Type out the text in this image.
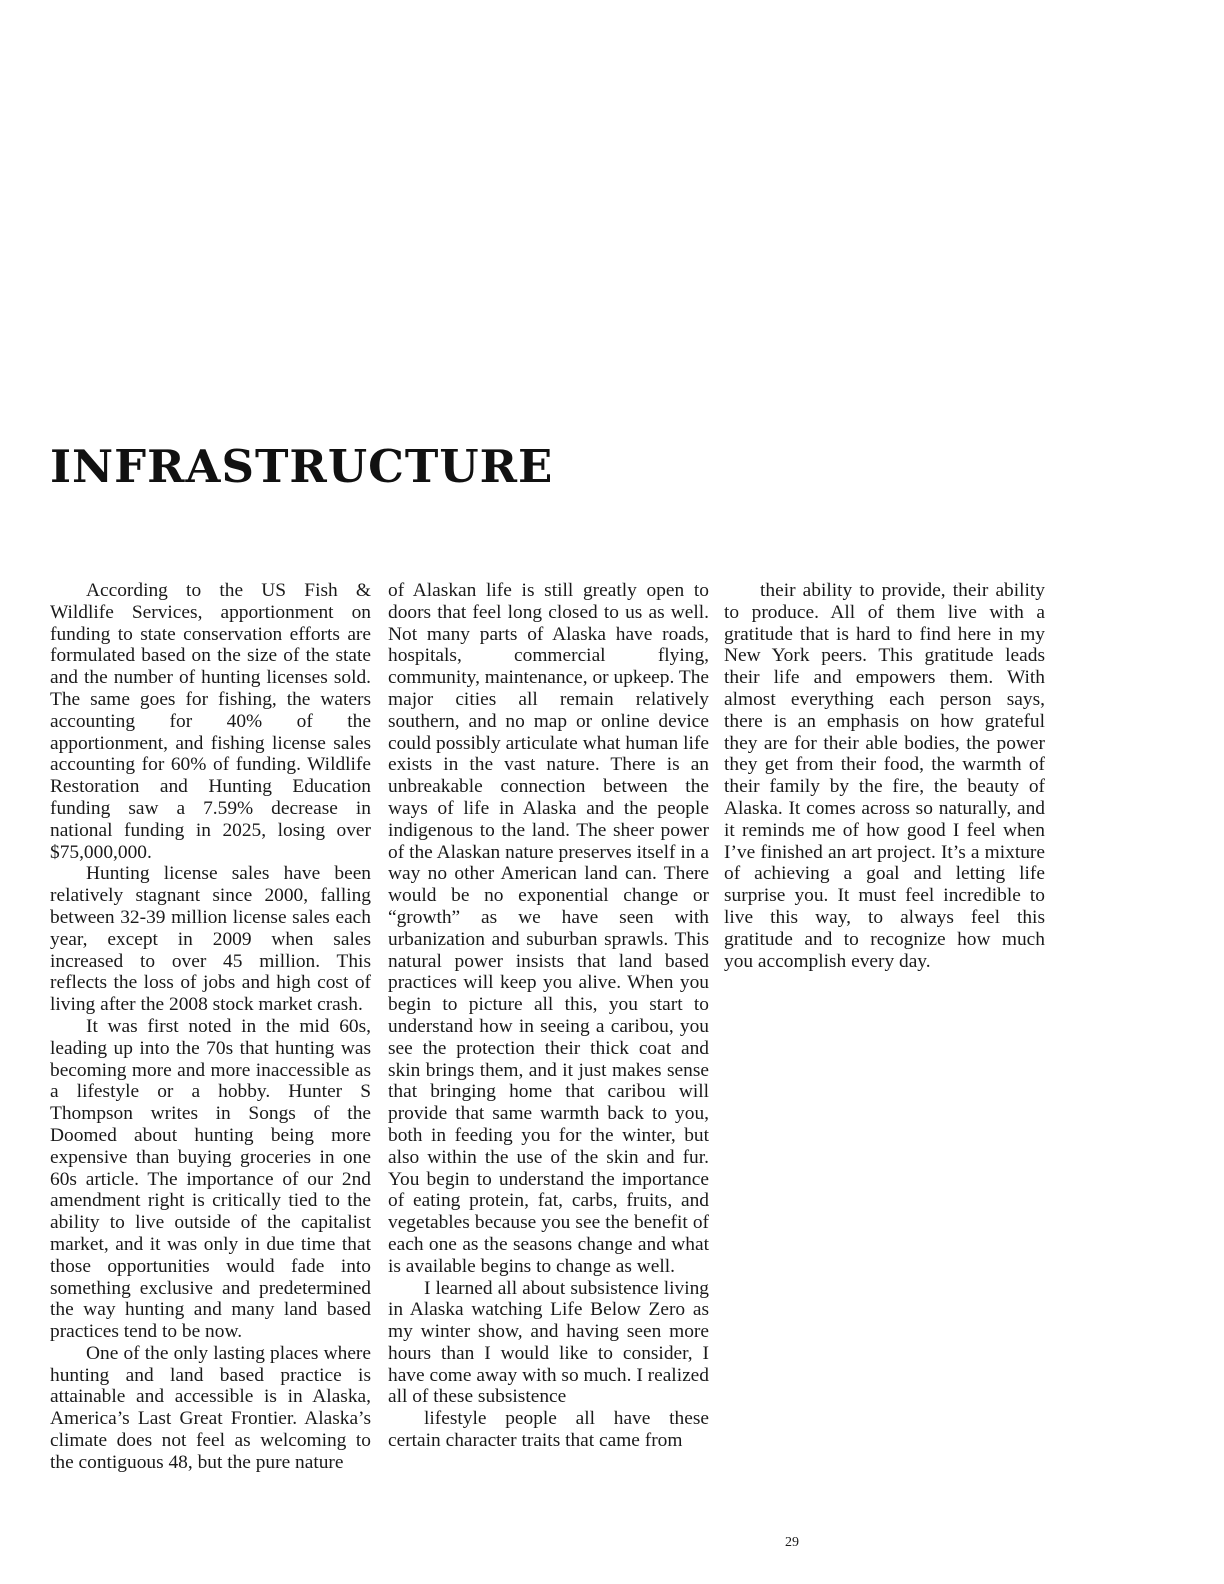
INFRASTRUCTURE

According to the US Fish & Wildlife Services, apportionment on funding to state conservation efforts are formulated based on the size of the state and the number of hunting licenses sold. The same goes for fishing, the waters accounting for 40% of the apportionment, and fishing license sales accounting for 60% of funding. Wildlife Restoration and Hunting Education funding saw a 7.59% decrease in national funding in 2025, losing over $75,000,000.

Hunting license sales have been relatively stagnant since 2000, falling between 32-39 million license sales each year, except in 2009 when sales increased to over 45 million. This reflects the loss of jobs and high cost of living after the 2008 stock market crash.

It was first noted in the mid 60s, leading up into the 70s that hunting was becoming more and more inaccessible as a lifestyle or a hobby. Hunter S Thompson writes in Songs of the Doomed about hunting being more expensive than buying groceries in one 60s article. The importance of our 2nd amendment right is critically tied to the ability to live outside of the capitalist market, and it was only in due time that those opportunities would fade into something exclusive and predetermined the way hunting and many land based practices tend to be now.

One of the only lasting places where hunting and land based practice is attainable and accessible is in Alaska, America’s Last Great Frontier. Alaska’s climate does not feel as welcoming to the contiguous 48, but the pure nature

of Alaskan life is still greatly open to doors that feel long closed to us as well. Not many parts of Alaska have roads, hospitals, commercial flying, community, maintenance, or upkeep. The major cities all remain relatively southern, and no map or online device could possibly articulate what human life exists in the vast nature. There is an unbreakable connection between the ways of life in Alaska and the people indigenous to the land. The sheer power of the Alaskan nature preserves itself in a way no other American land can. There would be no exponential change or “growth” as we have seen with urbanization and suburban sprawls. This natural power insists that land based practices will keep you alive. When you begin to picture all this, you start to understand how in seeing a caribou, you see the protection their thick coat and skin brings them, and it just makes sense that bringing home that caribou will provide that same warmth back to you, both in feeding you for the winter, but also within the use of the skin and fur. You begin to understand the importance of eating protein, fat, carbs, fruits, and vegetables because you see the benefit of each one as the seasons change and what is available begins to change as well.

I learned all about subsistence living in Alaska watching Life Below Zero as my winter show, and having seen more hours than I would like to consider, I have come away with so much. I realized all of these subsistence

lifestyle people all have these certain character traits that came from

their ability to provide, their ability to produce. All of them live with a gratitude that is hard to find here in my New York peers. This gratitude leads their life and empowers them. With almost everything each person says, there is an emphasis on how grateful they are for their able bodies, the power they get from their food, the warmth of their family by the fire, the beauty of Alaska. It comes across so naturally, and it reminds me of how good I feel when I’ve finished an art project. It’s a mixture of achieving a goal and letting life surprise you. It must feel incredible to live this way, to always feel this gratitude and to recognize how much you accomplish every day.

29
